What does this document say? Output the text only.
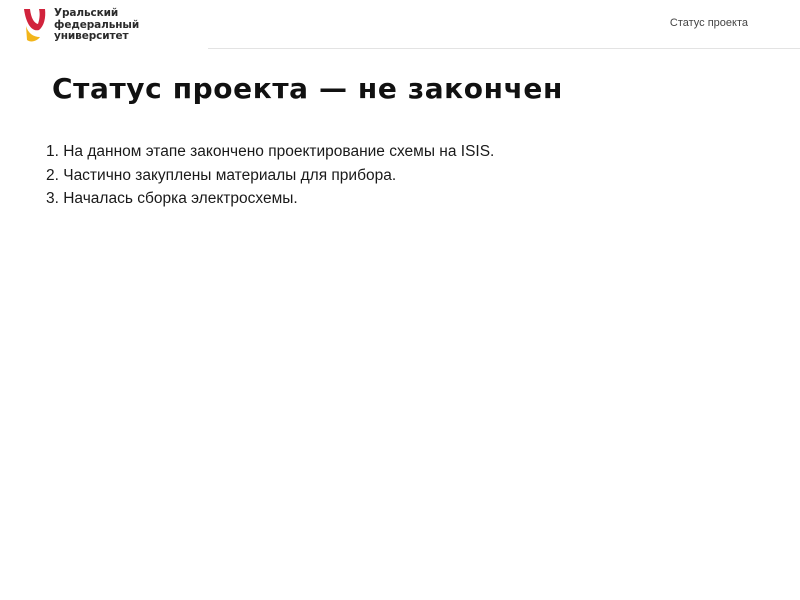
Уральский
федеральный
университет
Статус проекта
Статус проекта — не закончен
1. На данном этапе закончено проектирование схемы на ISIS.
2. Частично закуплены материалы для прибора.
3. Началась сборка электросхемы.
